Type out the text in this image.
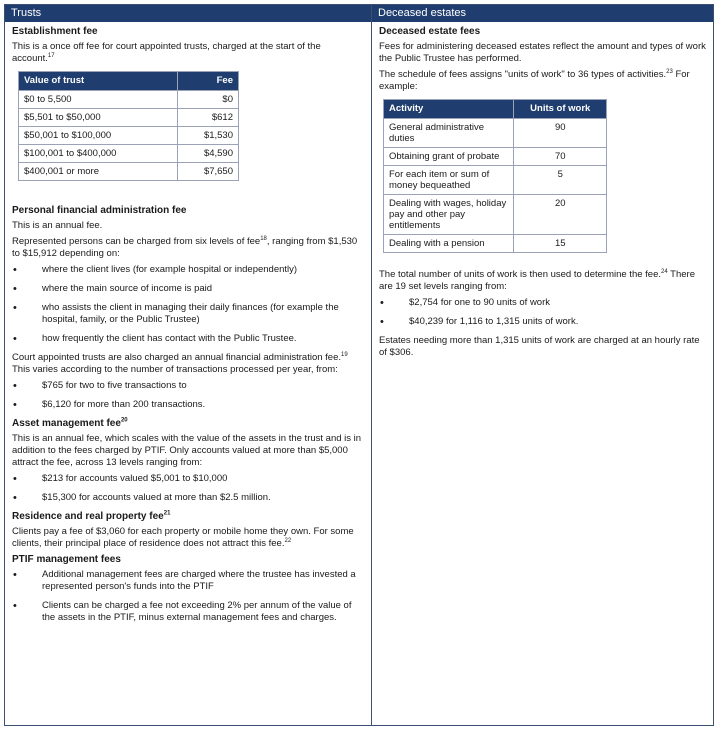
Trusts
Establishment fee

This is a once off fee for court appointed trusts, charged at the start of the account.$^{17}$

Value of trust	Fee
$0 to 5,500	$0
$5,501 to $50,000	$612
$50,001 to $100,000	$1,530
$100,001 to $400,000	$4,590
$400,001 or more	$7,650
Personal financial administration fee

This is an annual fee.

Represented persons can be charged from six levels of fee$^{18}$, ranging from $1,530 to $15,912 depending on:

• where the client lives (for example hospital or independently)
• where the main source of income is paid
• who assists the client in managing their daily finances (for example the hospital, family, or the Public Trustee)
• how frequently the client has contact with the Public Trustee.

Court appointed trusts are also charged an annual financial administration fee.$^{19}$ This varies according to the number of transactions processed per year, from:

• $765 for two to five transactions to
• $6,120 for more than 200 transactions.
Asset management fee$^{20}$

This is an annual fee, which scales with the value of the assets in the trust and is in addition to the fees charged by PTIF. Only accounts valued at more than $5,000 attract the fee, across 13 levels ranging from:

• $213 for accounts valued $5,001 to $10,000
• $15,300 for accounts valued at more than $2.5 million.
Residence and real property fee$^{21}$

Clients pay a fee of $3,060 for each property or mobile home they own. For some clients, their principal place of residence does not attract this fee.$^{22}$

PTIF management fees
• Additional management fees are charged where the trustee has invested a represented person's funds into the PTIF
• Clients can be charged a fee not exceeding 2% per annum of the value of the assets in the PTIF, minus external management fees and charges.
Deceased estates
Deceased estate fees

Fees for administering deceased estates reflect the amount and types of work the Public Trustee has performed.

The schedule of fees assigns "units of work" to 36 types of activities.$^{23}$ For example:

Activity	Units of work
General administrative duties	90
Obtaining grant of probate	70
For each item or sum of money bequeathed	5
Dealing with wages, holiday pay and other pay entitlements	20
Dealing with a pension	15

The total number of units of work is then used to determine the fee.$^{24}$ There are 19 set levels ranging from:

• $2,754 for one to 90 units of work
• $40,239 for 1,116 to 1,315 units of work.

Estates needing more than 1,315 units of work are charged at an hourly rate of $306.
